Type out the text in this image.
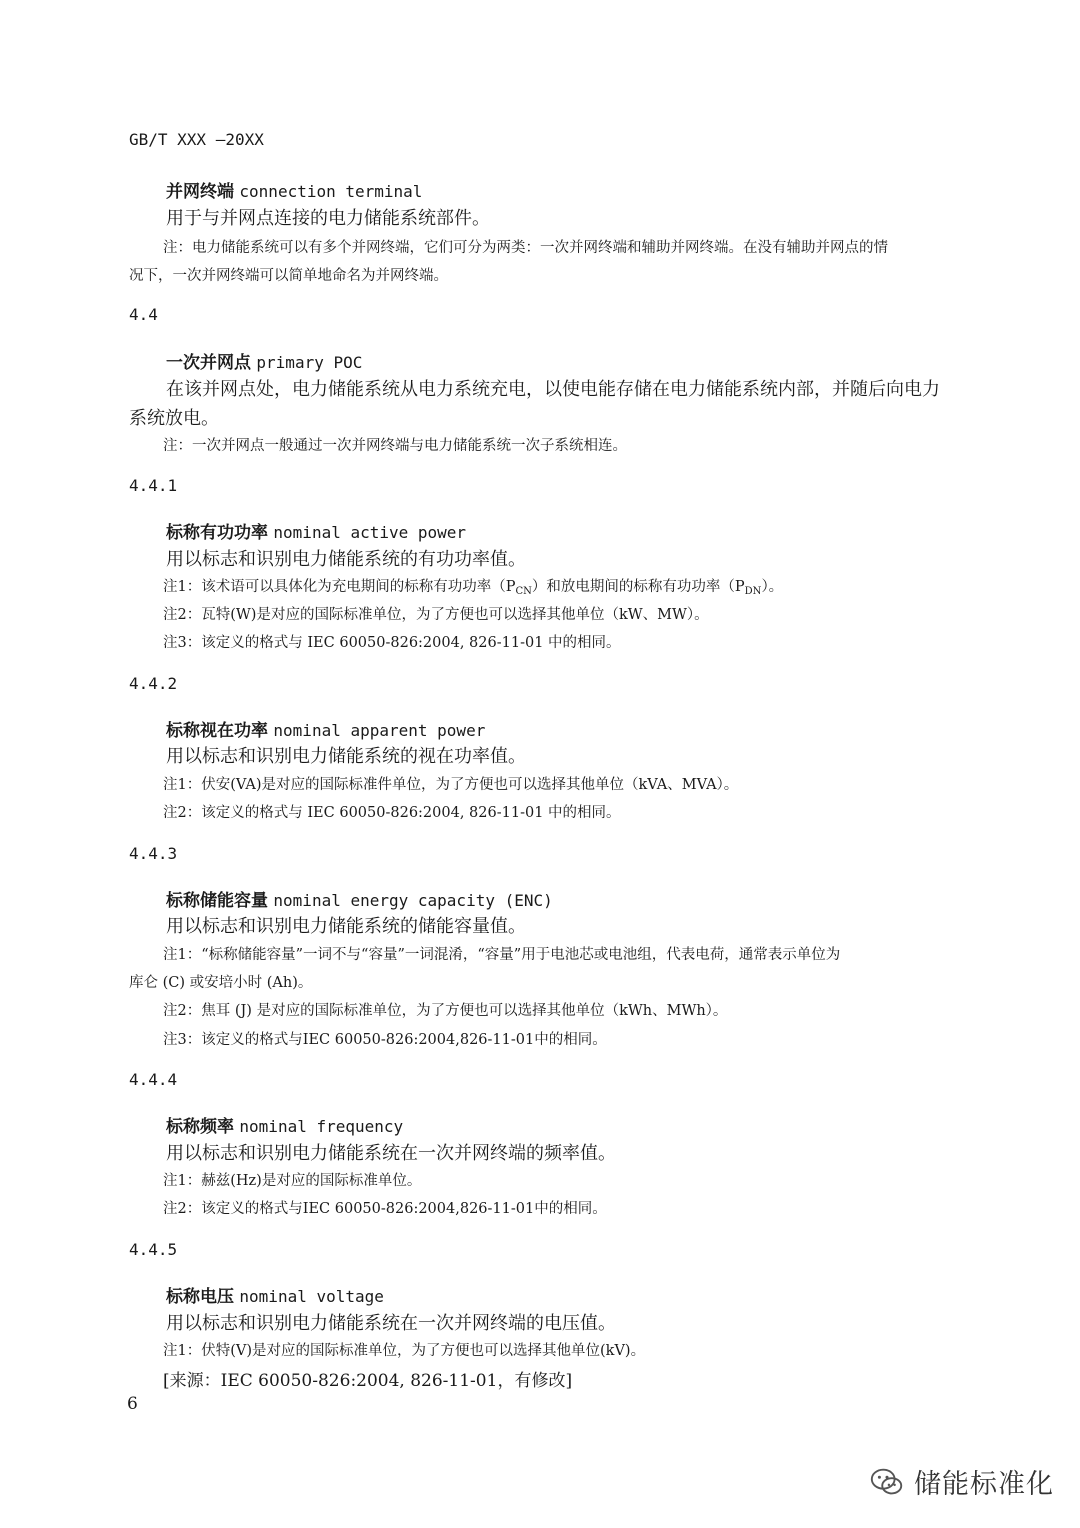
GB/T XXX —20XX
并网终端 connection terminal
用于与并网点连接的电力储能系统部件。
注：电力储能系统可以有多个并网终端，它们可分为两类：一次并网终端和辅助并网终端。在没有辅助并网点的情
况下，一次并网终端可以简单地命名为并网终端。
4.4
一次并网点 primary POC
在该并网点处，电力储能系统从电力系统充电，以使电能存储在电力储能系统内部，并随后向电力
系统放电。
注：一次并网点一般通过一次并网终端与电力储能系统一次子系统相连。
4.4.1
标称有功功率 nominal active power
用以标志和识别电力储能系统的有功功率值。
注1：该术语可以具体化为充电期间的标称有功功率$(P_{CN})$和放电期间的标称有功功率$(P_{DN})$。
注2：瓦特(W)是对应的国际标准单位，为了方便也可以选择其他单位（kW、MW）。
注3：该定义的格式与 IEC 60050-826:2004, 826-11-01 中的相同。
4.4.2
标称视在功率 nominal apparent power
用以标志和识别电力储能系统的视在功率值。
注1：伏安(VA)是对应的国际标准件单位，为了方便也可以选择其他单位（kVA、MVA）。
注2：该定义的格式与 IEC 60050-826:2004, 826-11-01 中的相同。
4.4.3
标称储能容量 nominal energy capacity (ENC)
用以标志和识别电力储能系统的储能容量值。
注1：“标称储能容量”一词不与“容量”一词混淆，“容量”用于电池芯或电池组，代表电荷，通常表示单位为
库仑 (C) 或安培小时 (Ah)。
注2：焦耳 (J) 是对应的国际标准单位，为了方便也可以选择其他单位（kWh、MWh）。
注3：该定义的格式与IEC 60050-826:2004,826-11-01中的相同。
4.4.4
标称频率 nominal frequency
用以标志和识别电力储能系统在一次并网终端的频率值。
注1：赫兹(Hz)是对应的国际标准单位。
注2：该定义的格式与IEC 60050-826:2004,826-11-01中的相同。
4.4.5
标称电压 nominal voltage
用以标志和识别电力储能系统在一次并网终端的电压值。
注1：伏特(V)是对应的国际标准单位，为了方便也可以选择其他单位(kV)。
[来源：IEC 60050-826:2004, 826-11-01，有修改]
6
储能标准化
